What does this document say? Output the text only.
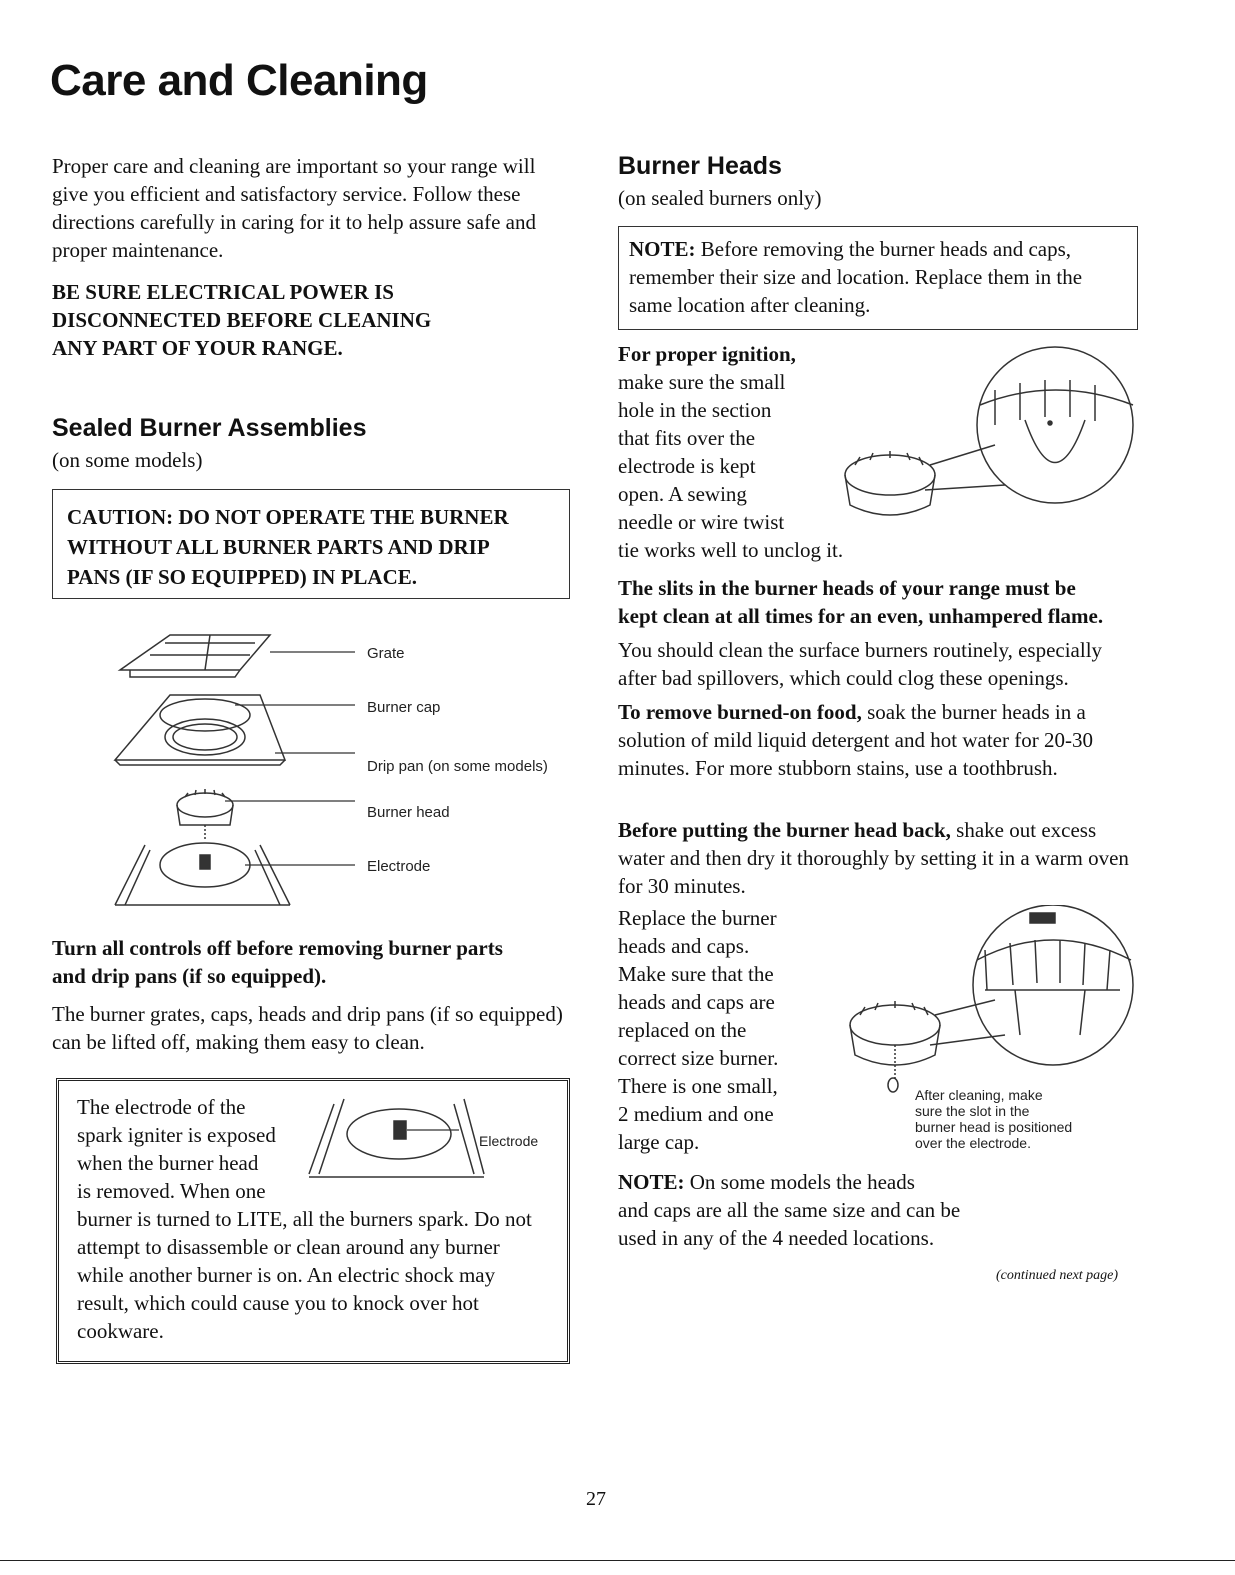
Care and Cleaning

Proper care and cleaning are important so your range will give you efficient and satisfactory service. Follow these directions carefully in caring for it to help assure safe and proper maintenance.

BE SURE ELECTRICAL POWER IS
DISCONNECTED BEFORE CLEANING
ANY PART OF YOUR RANGE.
Sealed Burner Assemblies
(on some models)
CAUTION: DO NOT OPERATE THE BURNER
WITHOUT ALL BURNER PARTS AND DRIP
PANS (IF SO EQUIPPED) IN PLACE.
Grate
Burner cap
Drip pan (on some models)
Burner head
Electrode
Turn all controls off before removing burner parts
and drip pans (if so equipped).

The burner grates, caps, heads and drip pans (if so equipped) can be lifted off, making them easy to clean.

The electrode of the
spark igniter is exposed
when the burner head
is removed. When one
burner is turned to LITE, all the burners spark. Do not attempt to disassemble or clean around any burner while another burner is on. An electric shock may result, which could cause you to knock over hot cookware.
Electrode
Burner Heads
(on sealed burners only)

NOTE: Before removing the burner heads and caps, remember their size and location. Replace them in the same location after cleaning.

For proper ignition,
make sure the small
hole in the section
that fits over the
electrode is kept
open. A sewing
needle or wire twist
tie works well to unclog it.
The slits in the burner heads of your range must be
kept clean at all times for an even, unhampered flame.

You should clean the surface burners routinely, especially after bad spillovers, which could clog these openings.

To remove burned-on food, soak the burner heads in a solution of mild liquid detergent and hot water for 20-30 minutes. For more stubborn stains, use a toothbrush.

Before putting the burner head back, shake out excess water and then dry it thoroughly by setting it in a warm oven for 30 minutes.

Replace the burner
heads and caps.
Make sure that the
heads and caps are
replaced on the
correct size burner.
There is one small,
2 medium and one
large cap.
After cleaning, make
sure the slot in the
burner head is positioned
over the electrode.
NOTE: On some models the heads
and caps are all the same size and can be
used in any of the 4 needed locations.
(continued next page)
27
